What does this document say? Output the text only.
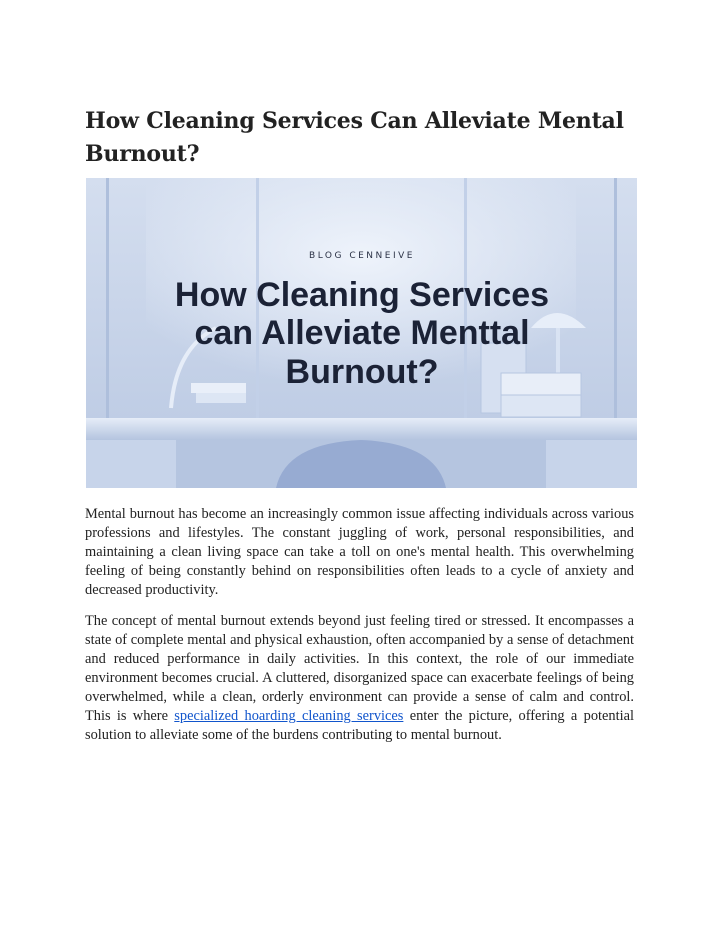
How Cleaning Services Can Alleviate Mental Burnout?
BLOG CENNEIVE
How Cleaning Services
can Alleviate Menttal
Burnout?

Mental burnout has become an increasingly common issue affecting individuals across various professions and lifestyles. The constant juggling of work, personal responsibilities, and maintaining a clean living space can take a toll on one's mental health. This overwhelming feeling of being constantly behind on responsibilities often leads to a cycle of anxiety and decreased productivity.

The concept of mental burnout extends beyond just feeling tired or stressed. It encompasses a state of complete mental and physical exhaustion, often accompanied by a sense of detachment and reduced performance in daily activities. In this context, the role of our immediate environment becomes crucial. A cluttered, disorganized space can exacerbate feelings of being overwhelmed, while a clean, orderly environment can provide a sense of calm and control. This is where specialized hoarding cleaning services enter the picture, offering a potential solution to alleviate some of the burdens contributing to mental burnout.
